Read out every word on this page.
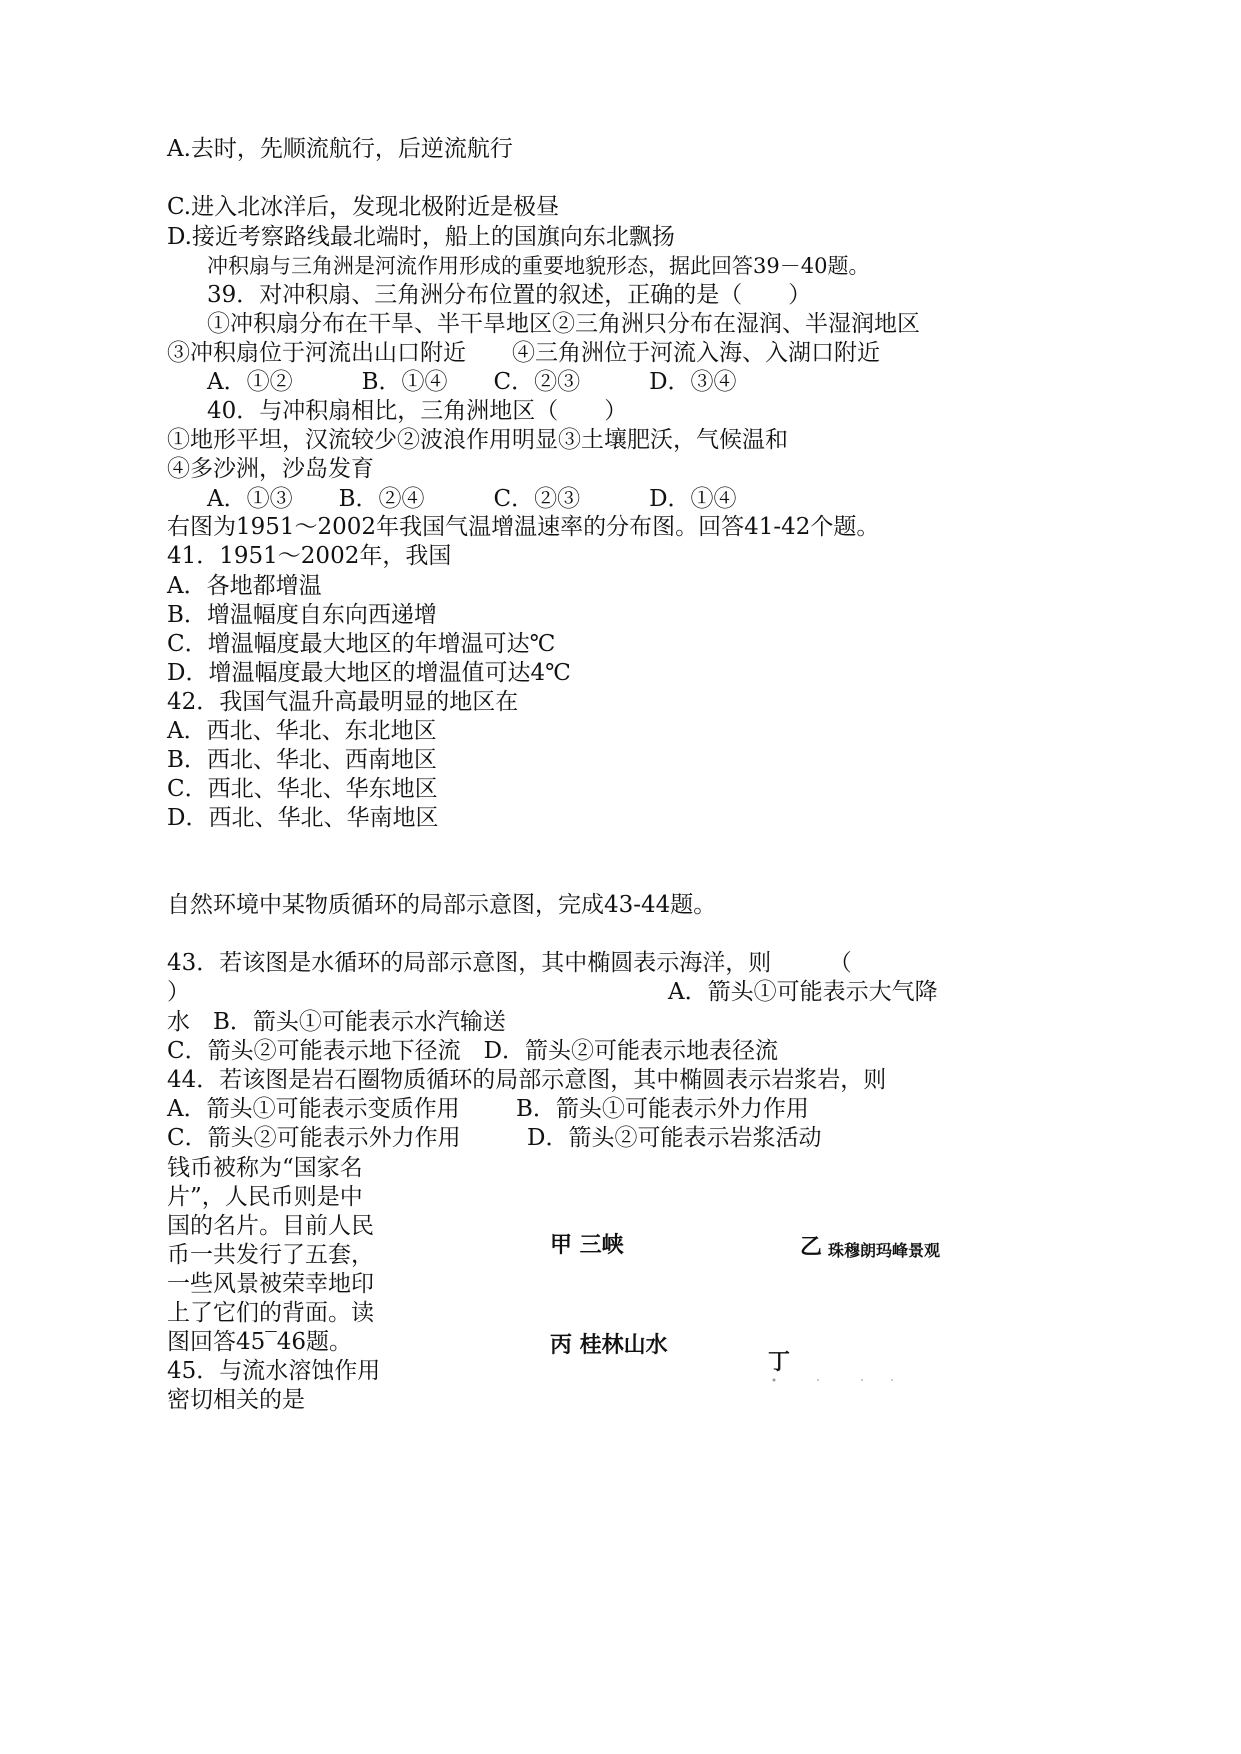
A.去时，先顺流航行，后逆流航行
C.进入北冰洋后，发现北极附近是极昼
D.接近考察路线最北端时，船上的国旗向东北飘扬
冲积扇与三角洲是河流作用形成的重要地貌形态，据此回答39－40题。
39．对冲积扇、三角洲分布位置的叙述，正确的是（　　）
①冲积扇分布在干旱、半干旱地区②三角洲只分布在湿润、半湿润地区
③冲积扇位于河流出山口附近　　④三角洲位于河流入海、入湖口附近
A．①②　　　B．①④　　C．②③　　　D．③④
40．与冲积扇相比，三角洲地区（　　）
①地形平坦，汉流较少②波浪作用明显③土壤肥沃，气候温和
④多沙洲，沙岛发育
A．①③　　B．②④　　　C．②③　　　D．①④
右图为1951～2002年我国气温增温速率的分布图。回答41-42个题。
41．1951～2002年，我国
A．各地都增温
B．增温幅度自东向西递增
C．增温幅度最大地区的年增温可达℃
D．增温幅度最大地区的增温值可达4℃
42．我国气温升高最明显的地区在
A．西北、华北、东北地区
B．西北、华北、西南地区
C．西北、华北、华东地区
D．西北、华北、华南地区
自然环境中某物质循环的局部示意图，完成43-44题。
43．若该图是水循环的局部示意图，其中椭圆表示海洋，则　　　（
）	A．箭头①可能表示大气降
水　B．箭头①可能表示水汽输送
C．箭头②可能表示地下径流　D．箭头②可能表示地表径流
44．若该图是岩石圈物质循环的局部示意图，其中椭圆表示岩浆岩，则
A．箭头①可能表示变质作用 B．箭头①可能表示外力作用
C．箭头②可能表示外力作用	D．箭头②可能表示岩浆活动
钱币被称为“国家名
片”，人民币则是中
国的名片。目前人民
币一共发行了五套，
一些风景被荣幸地印
上了它们的背面。读
图回答45‾46题。
45．与流水溶蚀作用
密切相关的是
甲 三峡	乙 珠穆朗玛峰景观
丙 桂林山水
丁
